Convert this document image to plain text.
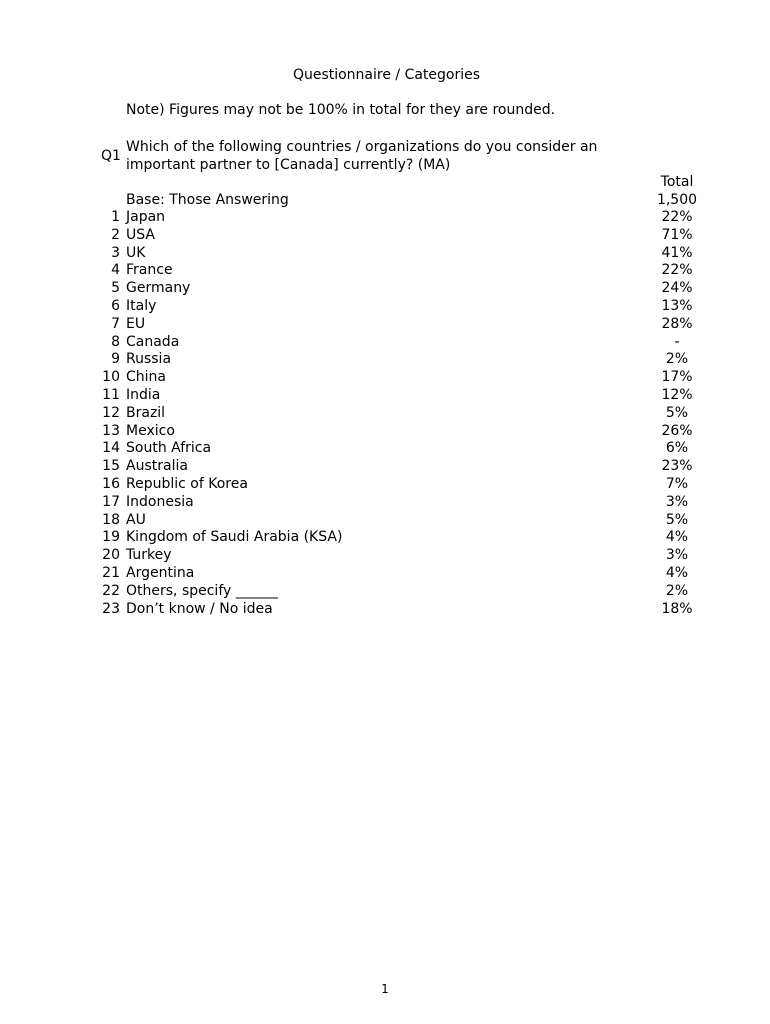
Questionnaire / Categories
Note) Figures may not be 100% in total for they are rounded.
Q1
Which of the following countries / organizations do you consider an important partner to [Canada] currently? (MA)
Total
Base: Those Answering	1,500
1 Japan	22%
2 USA	71%
3 UK	41%
4 France	22%
5 Germany	24%
6 Italy	13%
7 EU	28%
8 Canada	-
9 Russia	2%
10 China	17%
11 India	12%
12 Brazil	5%
13 Mexico	26%
14 South Africa	6%
15 Australia	23%
16 Republic of Korea	7%
17 Indonesia	3%
18 AU	5%
19 Kingdom of Saudi Arabia (KSA)	4%
20 Turkey	3%
21 Argentina	4%
22 Others, specify ______	2%
23 Don’t know / No idea	18%
1
